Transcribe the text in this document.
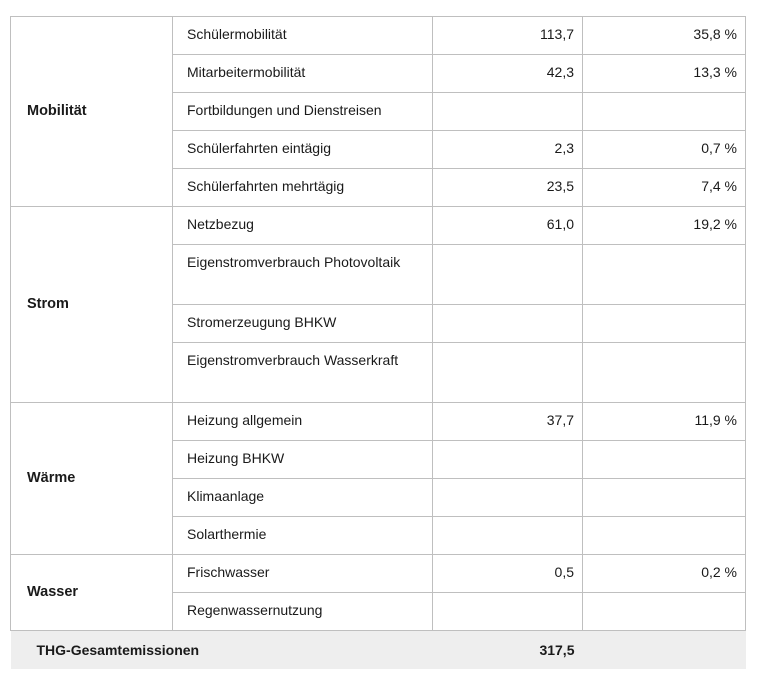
Mobilität	Schülermobilität	113,7	35,8 %
	Mitarbeitermobilität	42,3	13,3 %
	Fortbildungen und Dienstreisen		
	Schülerfahrten eintägig	2,3	0,7 %
	Schülerfahrten mehrtägig	23,5	7,4 %
Strom	Netzbezug	61,0	19,2 %
	Eigenstromverbrauch Photovoltaik		
	Stromerzeugung BHKW		
	Eigenstromverbrauch Wasserkraft		
Wärme	Heizung allgemein	37,7	11,9 %
	Heizung BHKW		
	Klimaanlage		
	Solarthermie		
Wasser	Frischwasser	0,5	0,2 %
	Regenwassernutzung		
THG-Gesamtemissionen		317,5	
